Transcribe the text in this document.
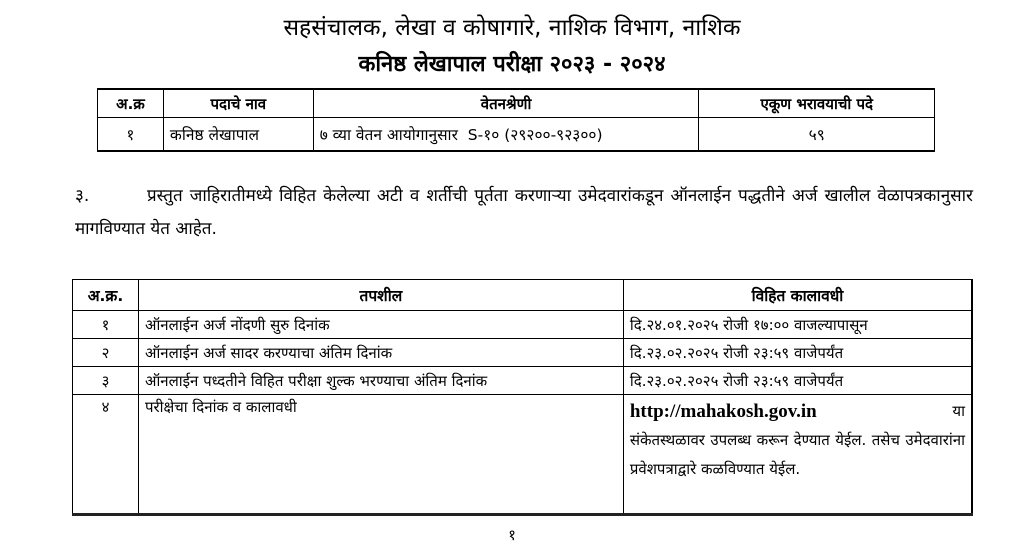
सहसंचालक, लेखा व कोषागारे, नाशिक विभाग, नाशिक
कनिष्ठ लेखापाल परीक्षा २०२३ - २०२४
अ.क्र	पदाचे नाव	वेतनश्रेणी	एकूण भरावयाची पदे
१	कनिष्ठ लेखापाल	७ व्या वेतन आयोगानुसार  S-१० (२९२००-९२३००)	५९
३.	प्रस्तुत जाहिरातीमध्ये विहित केलेल्या अटी व शर्तीची पूर्तता करणाऱ्या उमेदवारांकडून ऑनलाईन पद्धतीने अर्ज खालील वेळापत्रकानुसार मागविण्यात येत आहेत.
अ.क्र.	तपशील	विहित कालावधी
१	ऑनलाईन अर्ज नोंदणी सुरु दिनांक	दि.२४.०१.२०२५ रोजी १७:०० वाजल्यापासून
२	ऑनलाईन अर्ज सादर करण्याचा अंतिम दिनांक	दि.२३.०२.२०२५ रोजी २३:५९ वाजेपर्यंत
३	ऑनलाईन पध्दतीने विहित परीक्षा शुल्क भरण्याचा अंतिम दिनांक	दि.२३.०२.२०२५ रोजी २३:५९ वाजेपर्यंत
४	परीक्षेचा दिनांक व कालावधी	http://mahakosh.gov.in या
संकेतस्थळावर उपलब्ध करून देण्यात येईल. तसेच उमेदवारांना प्रवेशपत्राद्वारे कळविण्यात येईल.
१
